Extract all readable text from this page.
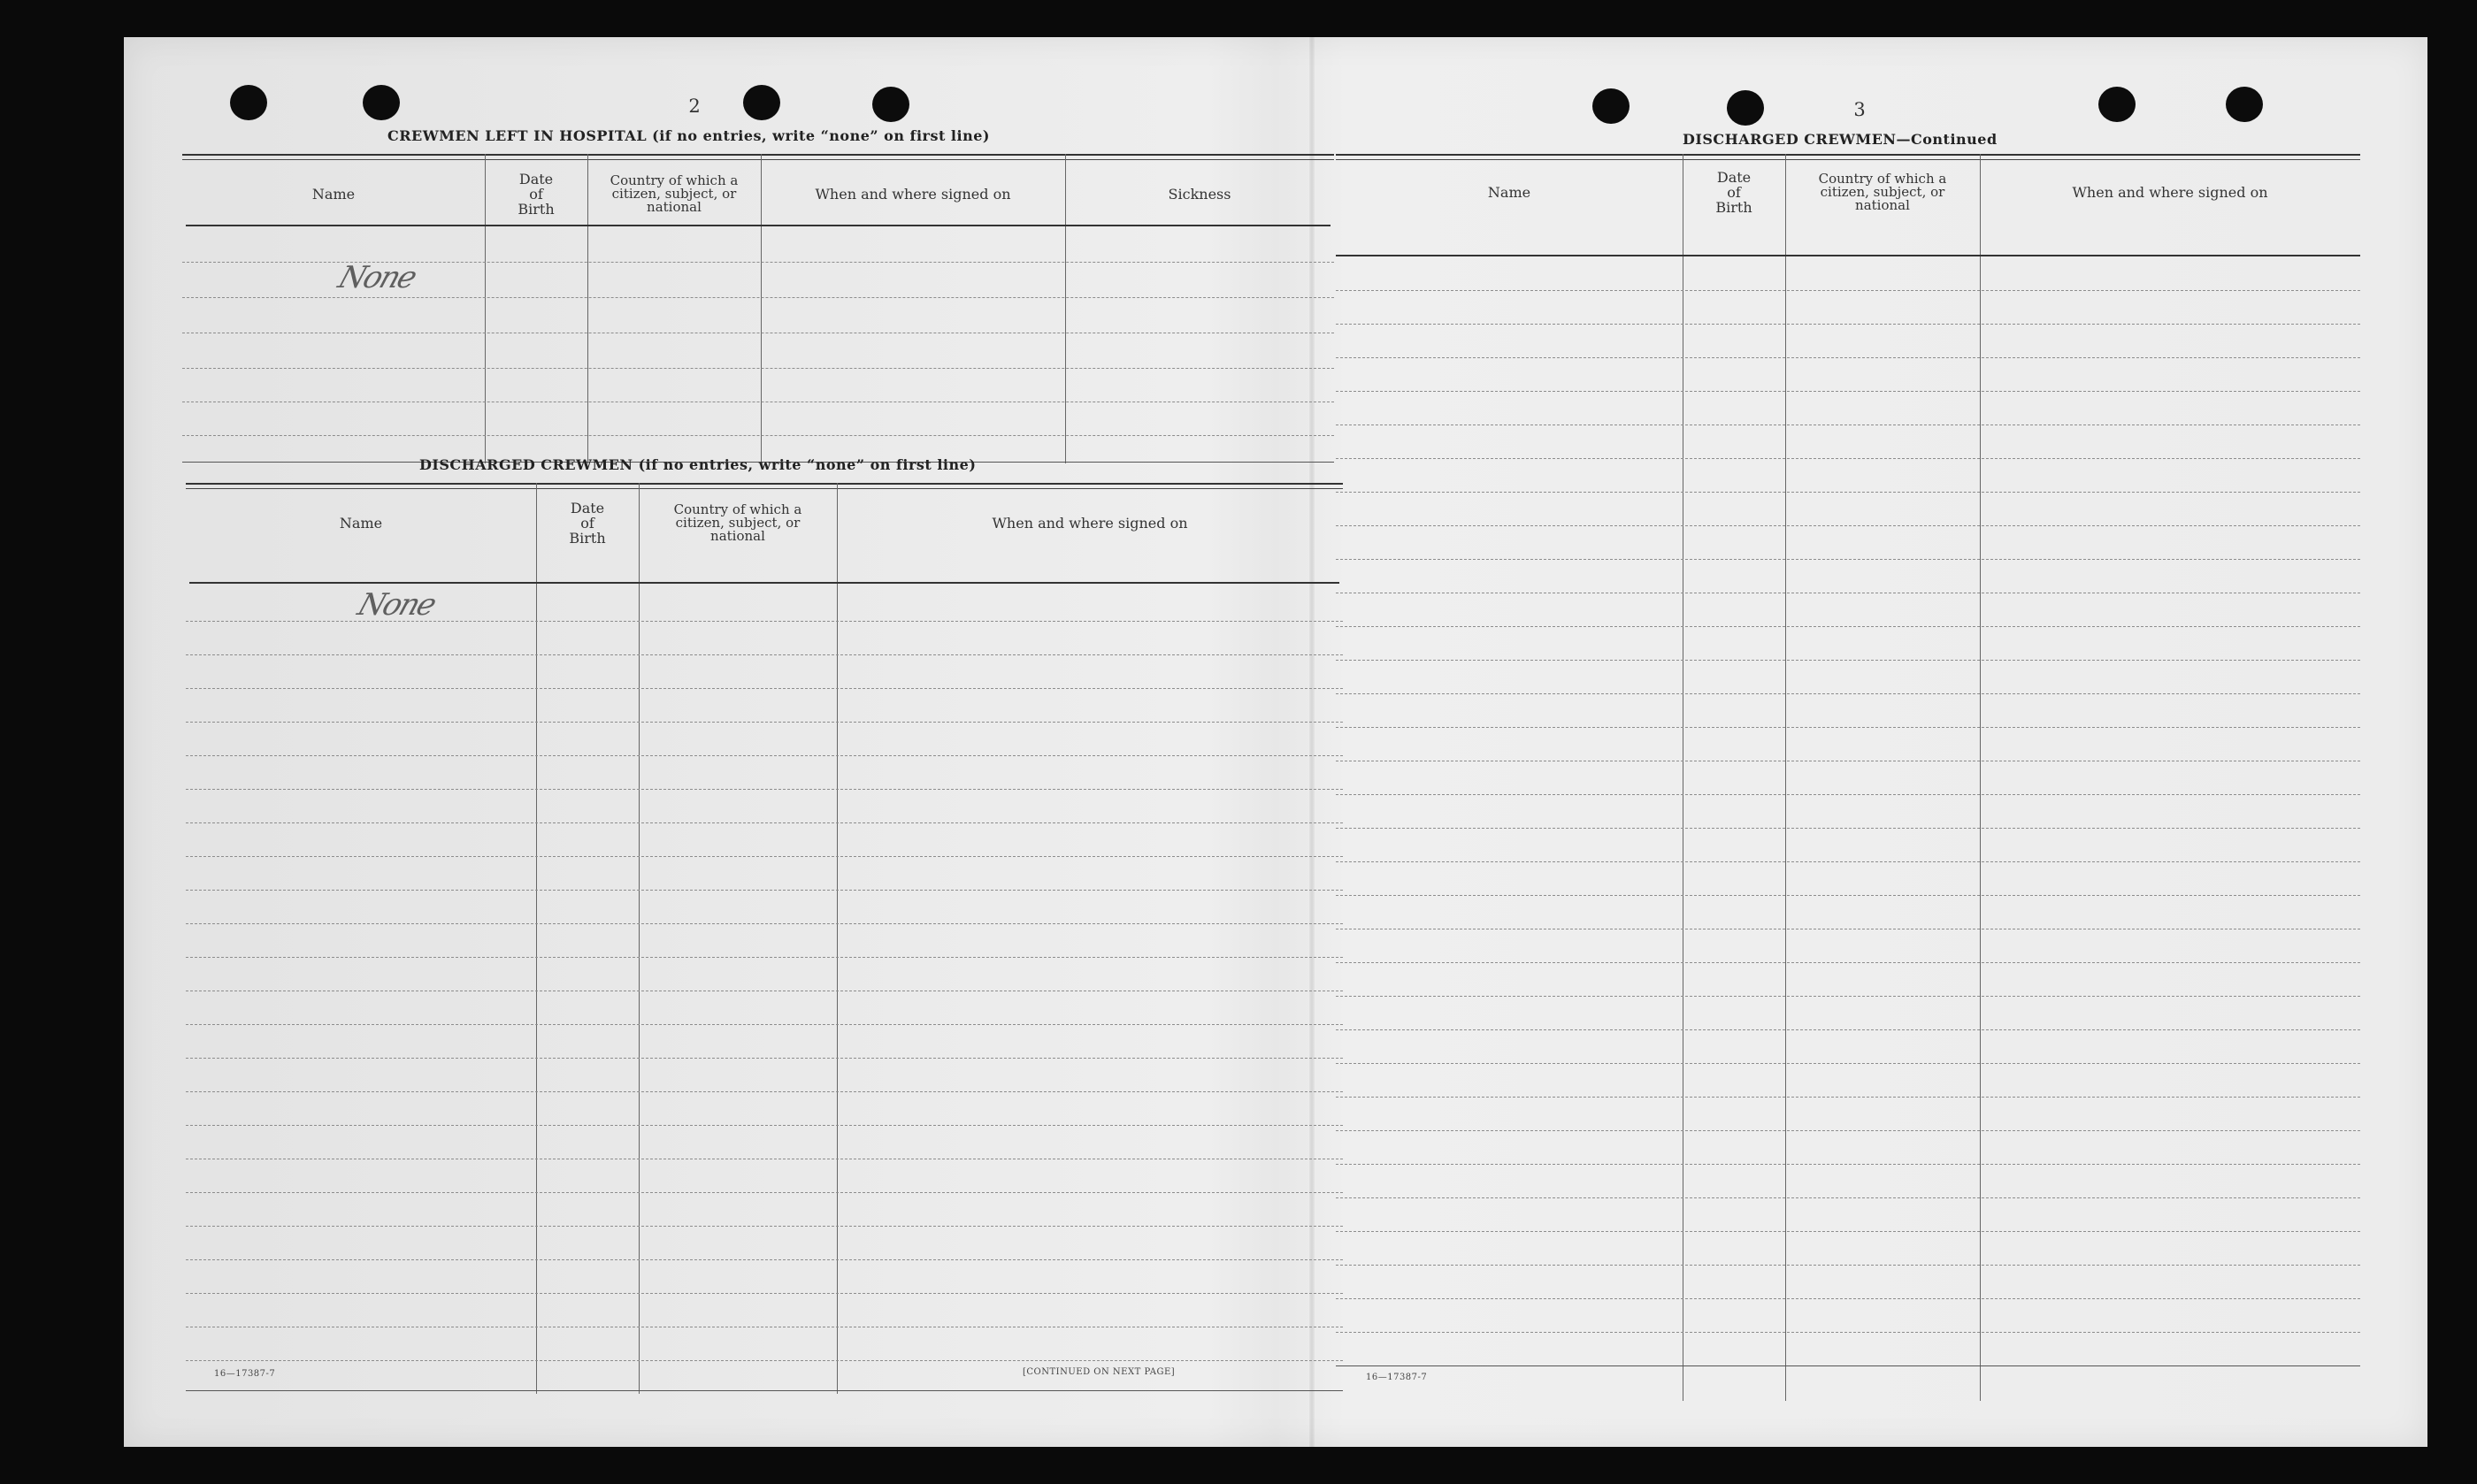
2
CREWMEN LEFT IN HOSPITAL (if no entries, write “none” on first line)
Name
Date
of
Birth
Country of which a
citizen, subject, or
national
When and where signed on	Sickness
None
DISCHARGED CREWMEN (if no entries, write “none” on first line)
Name
Date
of
Birth
Country of which a
citizen, subject, or
national
When and where signed on
None
16—17387-7	[CONTINUED ON NEXT PAGE]
3
DISCHARGED CREWMEN—Continued
Name
Date
of
Birth
Country of which a
citizen, subject, or
national
When and where signed on
16—17387-7
